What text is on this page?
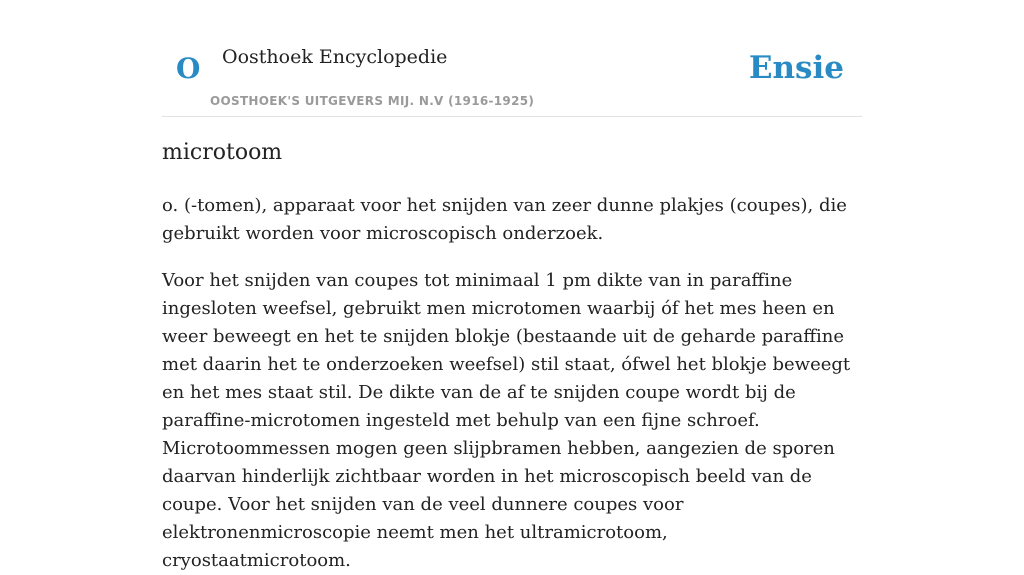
O Oosthoek Encyclopedie
OOSTHOEK'S UITGEVERS MIJ. N.V (1916-1925)
Ensie
microtoom

o. (-tomen), apparaat voor het snijden van zeer dunne plakjes (coupes), die gebruikt worden voor microscopisch onderzoek.

Voor het snijden van coupes tot minimaal 1 pm dikte van in paraffine ingesloten weefsel, gebruikt men microtomen waarbij óf het mes heen en weer beweegt en het te snijden blokje (bestaande uit de geharde paraffine met daarin het te onderzoeken weefsel) stil staat, ófwel het blokje beweegt en het mes staat stil. De dikte van de af te snijden coupe wordt bij de paraffine-microtomen ingesteld met behulp van een fijne schroef. Microtoommessen mogen geen slijpbramen hebben, aangezien de sporen daarvan hinderlijk zichtbaar worden in het microscopisch beeld van de coupe. Voor het snijden van de veel dunnere coupes voor elektronenmicroscopie neemt men het ultramicrotoom, cryostaatmicrotoom.
